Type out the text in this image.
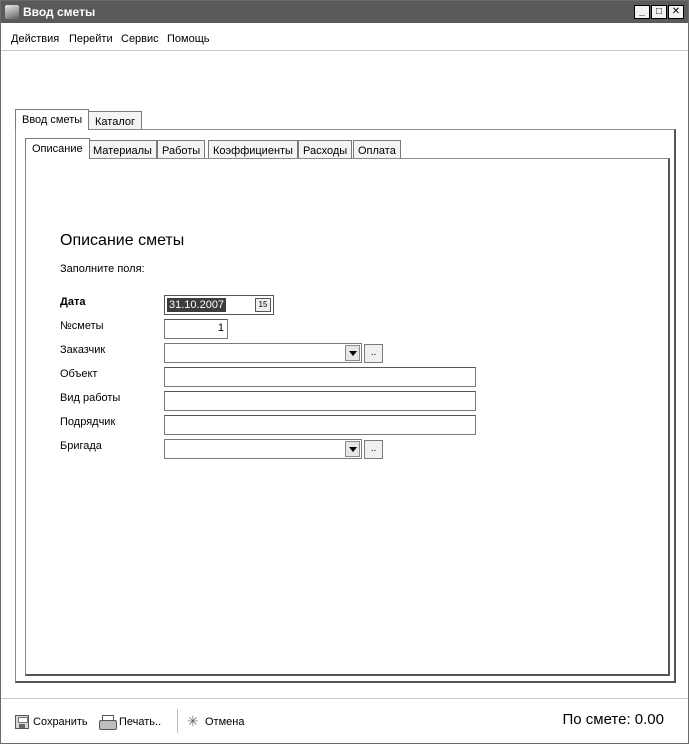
Ввод сметы	_	□ ✕
Действия Перейти Сервис Помощь
Ввод сметы	Каталог
Описание Материалы Работы	Коэффициенты Расходы Оплата
Описание сметы
Заполните поля:
Дата	31.10.2007	15
№сметы	1
Заказчик	..
Объект
Вид работы
Подрядчик
Бригада	..
Сохранить	Печать..
✳	Отмена	По смете: 0.00
